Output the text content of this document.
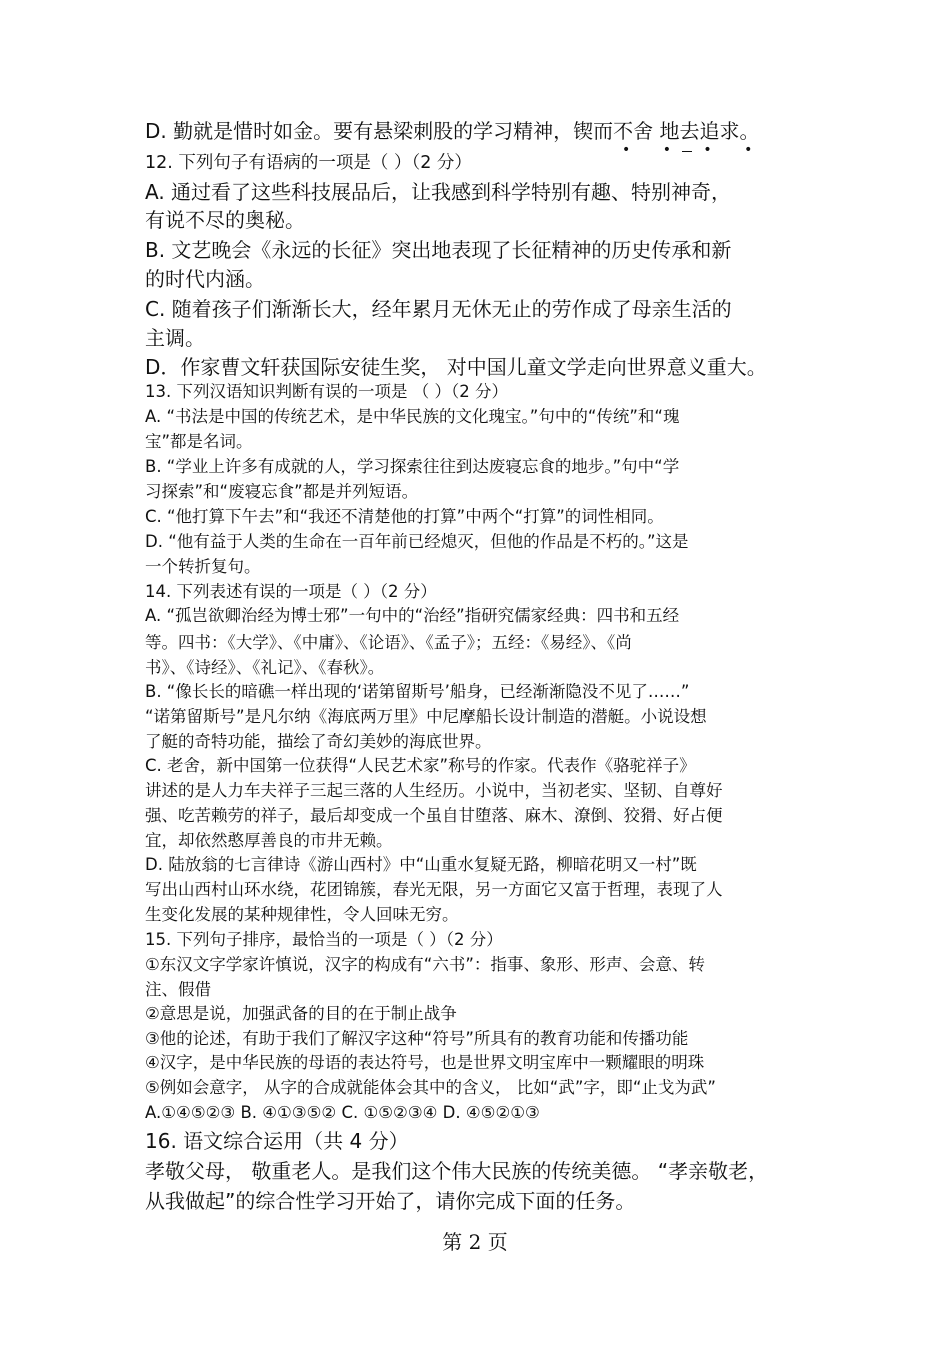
D. 勤就是惜时如金。要有悬梁刺股的学习精神，锲而不舍 地去追求。
12. 下列句子有语病的一项是（ ）（2 分）
A. 通过看了这些科技展品后，让我感到科学特别有趣、特别神奇，
有说不尽的奥秘。
B. 文艺晚会《永远的长征》突出地表现了长征精神的历史传承和新
的时代内涵。
C. 随着孩子们渐渐长大，经年累月无休无止的劳作成了母亲生活的
主调。
D．作家曹文轩获国际安徒生奖， 对中国儿童文学走向世界意义重大。
13. 下列汉语知识判断有误的一项是 （ ）（2 分）
A. “书法是中国的传统艺术，是中华民族的文化瑰宝。”句中的“传统”和“瑰
宝”都是名词。
B. “学业上许多有成就的人，学习探索往往到达废寝忘食的地步。”句中“学
习探索”和“废寝忘食”都是并列短语。
C. “他打算下午去”和“我还不清楚他的打算”中两个“打算”的词性相同。
D. “他有益于人类的生命在一百年前已经熄灭，但他的作品是不朽的。”这是
一个转折复句。
14. 下列表述有误的一项是（ ）（2 分）
A. “孤岂欲卿治经为博士邪”一句中的“治经”指研究儒家经典：四书和五经
等。四书：《大学》、《中庸》、《论语》、《孟子》；五经：《易经》、《尚
书》、《诗经》、《礼记》、《春秋》。
B. “像长长的暗礁一样出现的‘诺第留斯号’船身，已经渐渐隐没不见了……”
“诺第留斯号”是凡尔纳《海底两万里》中尼摩船长设计制造的潜艇。小说设想
了艇的奇特功能，描绘了奇幻美妙的海底世界。
C. 老舍，新中国第一位获得“人民艺术家”称号的作家。代表作《骆驼祥子》
讲述的是人力车夫祥子三起三落的人生经历。小说中，当初老实、坚韧、自尊好
强、吃苦赖劳的祥子，最后却变成一个虽自甘堕落、麻木、潦倒、狡猾、好占便
宜，却依然憨厚善良的市井无赖。
D. 陆放翁的七言律诗《游山西村》中“山重水复疑无路，柳暗花明又一村”既
写出山西村山环水绕，花团锦簇，春光无限，另一方面它又富于哲理，表现了人
生变化发展的某种规律性，令人回味无穷。
15. 下列句子排序，最恰当的一项是（ ）（2 分）
①东汉文字学家许慎说，汉字的构成有“六书”：指事、象形、形声、会意、转
注、假借
②意思是说，加强武备的目的在于制止战争
③他的论述，有助于我们了解汉字这种“符号”所具有的教育功能和传播功能
④汉字，是中华民族的母语的表达符号，也是世界文明宝库中一颗耀眼的明珠
⑤例如会意字， 从字的合成就能体会其中的含义， 比如“武”字，即“止戈为武”
A.①④⑤②③ B. ④①③⑤② C. ①⑤②③④ D. ④⑤②①③
16. 语文综合运用（共 4 分）
孝敬父母， 敬重老人。是我们这个伟大民族的传统美德。 “孝亲敬老，
从我做起”的综合性学习开始了，请你完成下面的任务。
• • • •
第 2 页
